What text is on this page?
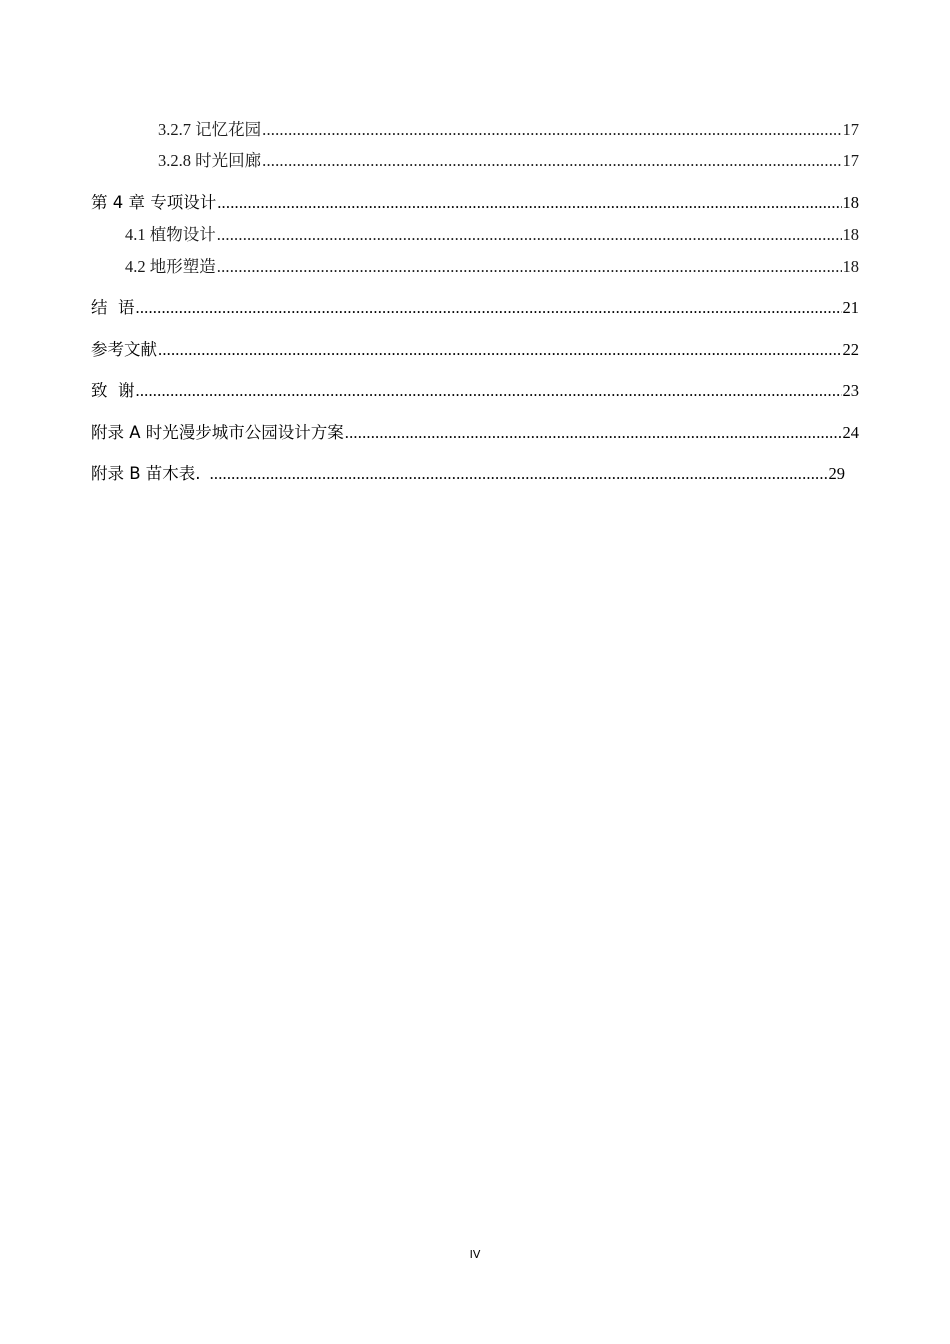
3.2.7 记忆花园 .....	17
3.2.8 时光回廊 .....	17
第 4 章 专项设计 .....	18
4.1 植物设计 .....	18
4.2 地形塑造 .....	18
结  语 .....	21
参考文献 .....	22
致  谢 .....	23
附录 A 时光漫步城市公园设计方案 .....	24
附录 B 苗木表. .....	29
IV
